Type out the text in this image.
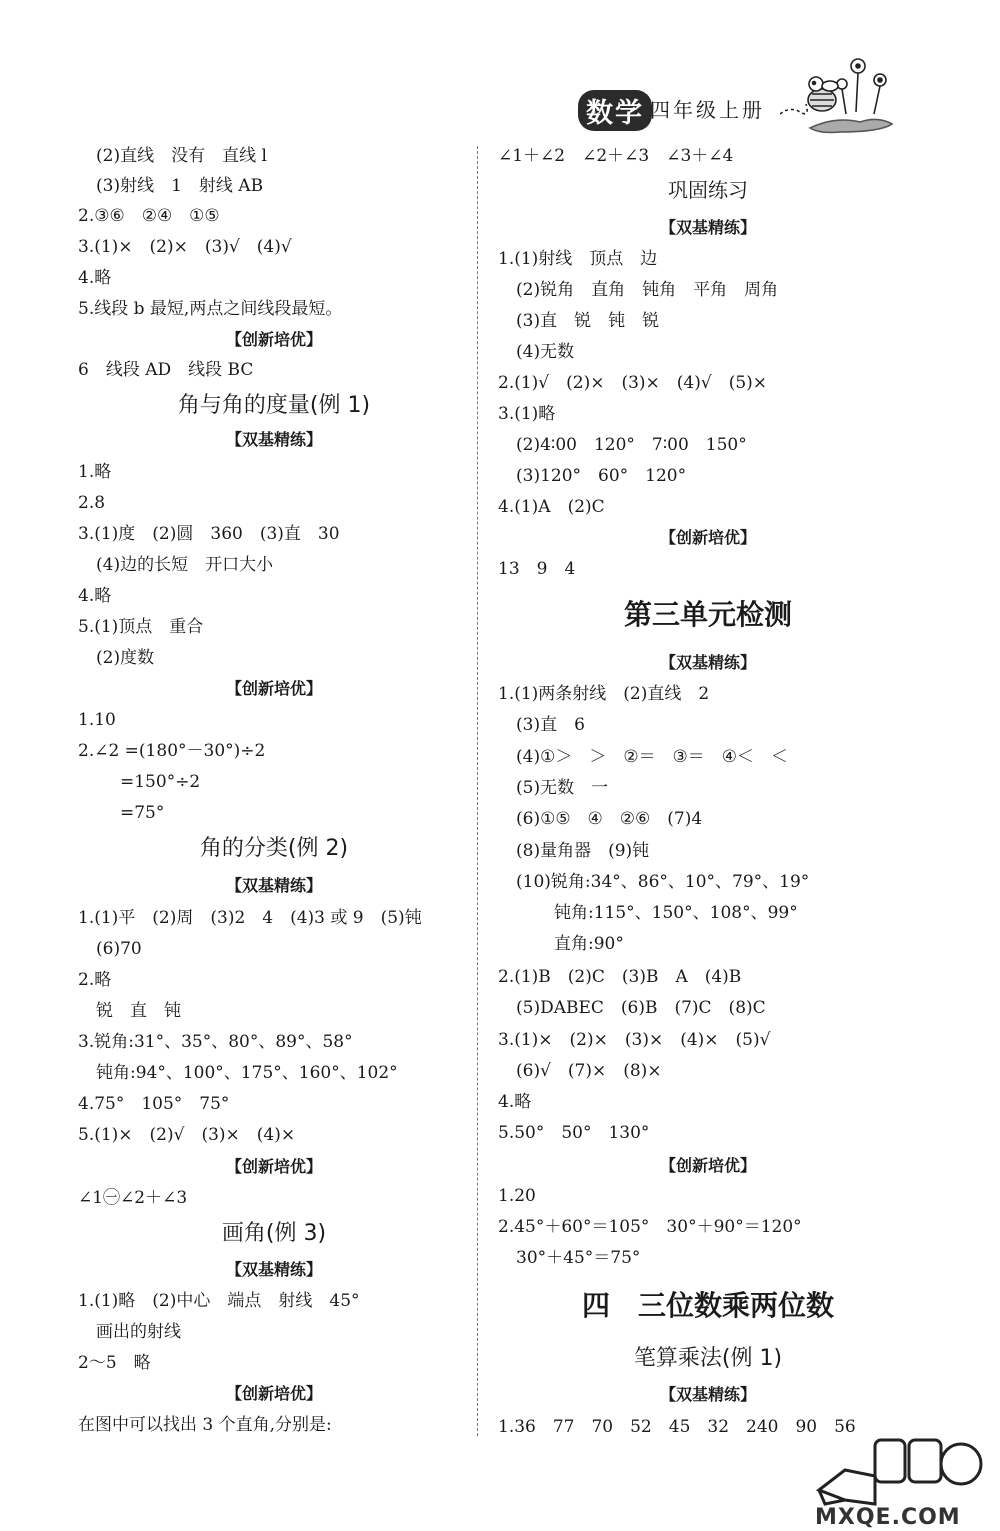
数学 四年级上册
(2)直线　没有　直线 l
(3)射线　1　射线 AB
2.③⑥　②④　①⑤
3.(1)×　(2)×　(3)√　(4)√
4.略
5.线段 b 最短,两点之间线段最短。
【创新培优】
6　线段 AD　线段 BC
角与角的度量(例 1)
【双基精练】
1.略
2.8
3.(1)度　(2)圆　360　(3)直　30
(4)边的长短　开口大小
4.略
5.(1)顶点　重合
(2)度数
【创新培优】
1.10
2.∠2 =(180°－30°)÷2
=150°÷2
=75°
角的分类(例 2)
【双基精练】
1.(1)平　(2)周　(3)2　4　(4)3 或 9　(5)钝
(6)70
2.略
锐　直　钝
3.锐角:31°、35°、80°、89°、58°
钝角:94°、100°、175°、160°、102°
4.75°　105°　75°
5.(1)×　(2)√　(3)×　(4)×
【创新培优】
∠1㊀∠2＋∠3
画角(例 3)
【双基精练】
1.(1)略　(2)中心　端点　射线　45°
画出的射线
2～5　略
【创新培优】
在图中可以找出 3 个直角,分别是:
∠1＋∠2　∠2＋∠3　∠3＋∠4
巩固练习
【双基精练】
1.(1)射线　顶点　边
(2)锐角　直角　钝角　平角　周角
(3)直　锐　钝　锐
(4)无数
2.(1)√　(2)×　(3)×　(4)√　(5)×
3.(1)略
(2)4∶00　120°　7∶00　150°
(3)120°　60°　120°
4.(1)A　(2)C
【创新培优】
13　9　4
第三单元检测
【双基精练】
1.(1)两条射线　(2)直线　2
(3)直　6
(4)①＞　＞　②＝　③＝　④＜　＜
(5)无数　一
(6)①⑤　④　②⑥　(7)4
(8)量角器　(9)钝
(10)锐角:34°、86°、10°、79°、19°
钝角:115°、150°、108°、99°
直角:90°
2.(1)B　(2)C　(3)B　A　(4)B
(5)DABEC　(6)B　(7)C　(8)C
3.(1)×　(2)×　(3)×　(4)×　(5)√
(6)√　(7)×　(8)×
4.略
5.50°　50°　130°
【创新培优】
1.20
2.45°＋60°＝105°　30°＋90°＝120°
30°＋45°＝75°
四　三位数乘两位数
笔算乘法(例 1)
【双基精练】
1.36　77　70　52　45　32　240　90　56
MXQE.COM
